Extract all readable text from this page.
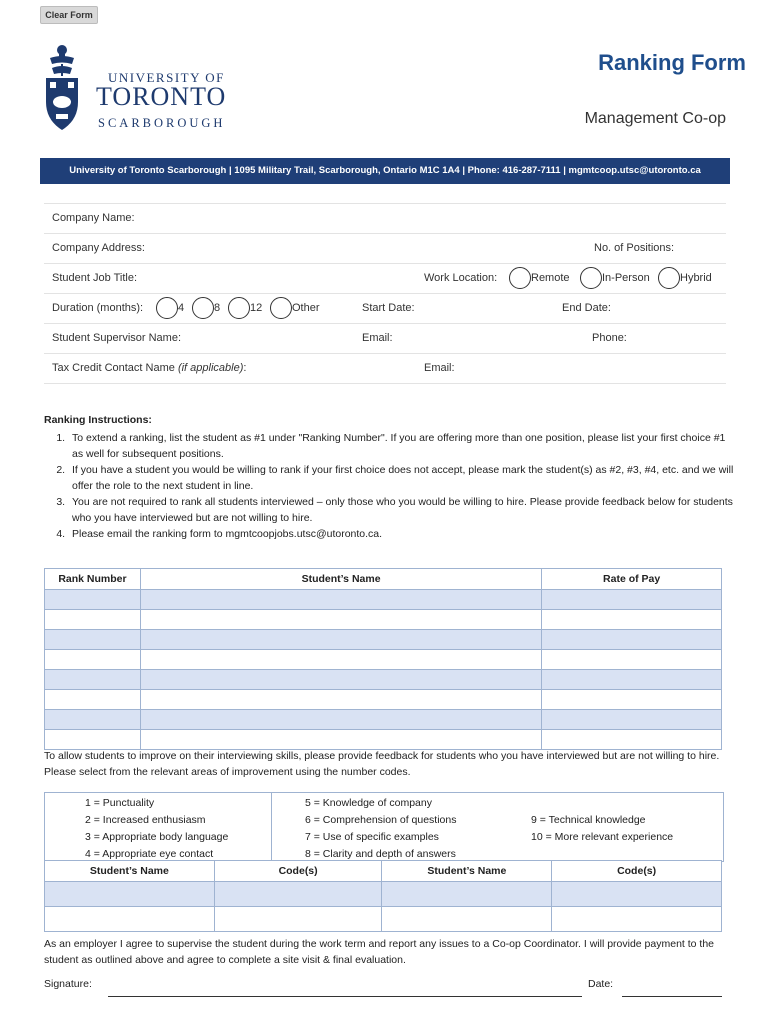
Clear Form
UNIVERSITY OF
TORONTO
SCARBOROUGH
Ranking Form
Management Co-op
University of Toronto Scarborough | 1095 Military Trail, Scarborough, Ontario M1C 1A4 | Phone: 416-287-7111 | mgmtcoop.utsc@utoronto.ca
Company Name:
Company Address:	No. of Positions:
Student Job Title:	Work Location:	Remote	In-Person	Hybrid
Duration (months):	4	8	12	Other	Start Date:	End Date:
Student Supervisor Name:	Email:	Phone:
Tax Credit Contact Name (if applicable):	Email:
Ranking Instructions:
1. To extend a ranking, list the student as #1 under "Ranking Number". If you are offering more than one position, please list your first choice #1 as well for subsequent positions.
2. If you have a student you would be willing to rank if your first choice does not accept, please mark the student(s) as #2, #3, #4, etc. and we will offer the role to the next student in line.
3. You are not required to rank all students interviewed – only those who you would be willing to hire. Please provide feedback below for students who you have interviewed but are not willing to hire.
4. Please email the ranking form to mgmtcoopjobs.utsc@utoronto.ca.
Rank Number	Student’s Name	Rate of Pay

To allow students to improve on their interviewing skills, please provide feedback for students who you have interviewed but are not willing to hire. Please select from the relevant areas of improvement using the number codes.
1 = Punctuality
2 = Increased enthusiasm
3 = Appropriate body language
4 = Appropriate eye contact
5 = Knowledge of company
6 = Comprehension of questions
7 = Use of specific examples
8 = Clarity and depth of answers
9 = Technical knowledge
10 = More relevant experience
Student’s Name	Code(s)	Student’s Name	Code(s)

As an employer I agree to supervise the student during the work term and report any issues to a Co-op Coordinator. I will provide payment to the student as outlined above and agree to complete a site visit & final evaluation.
Signature:	Date:
